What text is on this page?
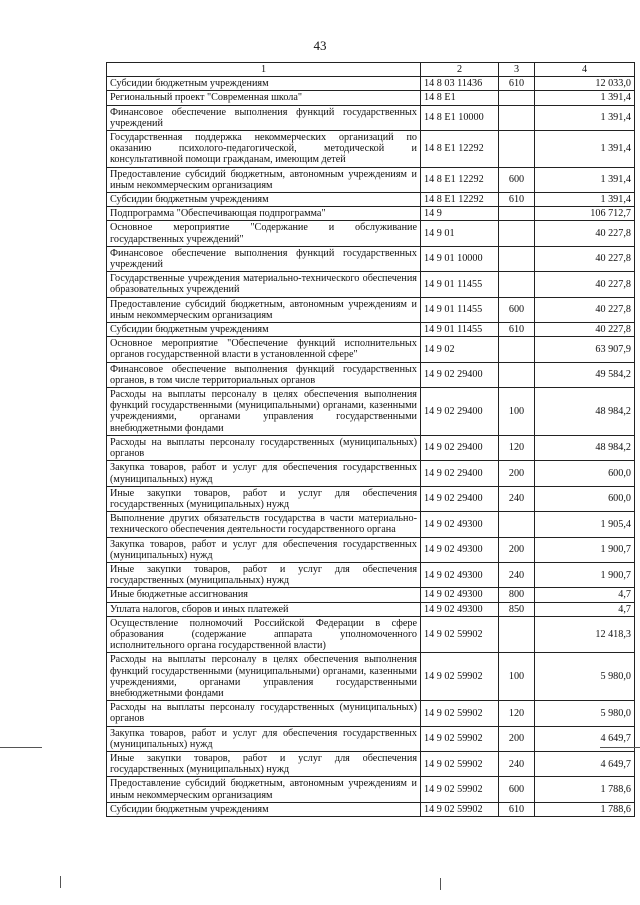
43
1	2	3	4
Субсидии бюджетным учреждениям	14 8 03 11436	610	12 033,0
Региональный проект "Современная школа"	14 8 E1		1 391,4
Финансовое обеспечение выполнения функций государственных учреждений	14 8 E1 10000		1 391,4
Государственная поддержка некоммерческих организаций по оказанию психолого-педагогической, методической и консультативной помощи гражданам, имеющим детей	14 8 E1 12292		1 391,4
Предоставление субсидий бюджетным, автономным учреждениям и иным некоммерческим организациям	14 8 E1 12292	600	1 391,4
Субсидии бюджетным учреждениям	14 8 E1 12292	610	1 391,4
Подпрограмма "Обеспечивающая подпрограмма"	14 9		106 712,7
Основное мероприятие "Содержание и обслуживание государственных учреждений"	14 9 01		40 227,8
Финансовое обеспечение выполнения функций государственных учреждений	14 9 01 10000		40 227,8
Государственные учреждения материально-технического обеспечения образовательных учреждений	14 9 01 11455		40 227,8
Предоставление субсидий бюджетным, автономным учреждениям и иным некоммерческим организациям	14 9 01 11455	600	40 227,8
Субсидии бюджетным учреждениям	14 9 01 11455	610	40 227,8
Основное мероприятие "Обеспечение функций исполнительных органов государственной власти в установленной сфере"	14 9 02		63 907,9
Финансовое обеспечение выполнения функций государственных органов, в том числе территориальных органов	14 9 02 29400		49 584,2
Расходы на выплаты персоналу в целях обеспечения выполнения функций государственными (муниципальными) органами, казенными учреждениями, органами управления государственными внебюджетными фондами	14 9 02 29400	100	48 984,2
Расходы на выплаты персоналу государственных (муниципальных) органов	14 9 02 29400	120	48 984,2
Закупка товаров, работ и услуг для обеспечения государственных (муниципальных) нужд	14 9 02 29400	200	600,0
Иные закупки товаров, работ и услуг для обеспечения государственных (муниципальных) нужд	14 9 02 29400	240	600,0
Выполнение других обязательств государства в части материально-технического обеспечения деятельности государственного органа	14 9 02 49300		1 905,4
Закупка товаров, работ и услуг для обеспечения государственных (муниципальных) нужд	14 9 02 49300	200	1 900,7
Иные закупки товаров, работ и услуг для обеспечения государственных (муниципальных) нужд	14 9 02 49300	240	1 900,7
Иные бюджетные ассигнования	14 9 02 49300	800	4,7
Уплата налогов, сборов и иных платежей	14 9 02 49300	850	4,7
Осуществление полномочий Российской Федерации в сфере образования (содержание аппарата уполномоченного исполнительного органа государственной власти)	14 9 02 59902		12 418,3
Расходы на выплаты персоналу в целях обеспечения выполнения функций государственными (муниципальными) органами, казенными учреждениями, органами управления государственными внебюджетными фондами	14 9 02 59902	100	5 980,0
Расходы на выплаты персоналу государственных (муниципальных) органов	14 9 02 59902	120	5 980,0
Закупка товаров, работ и услуг для обеспечения государственных (муниципальных) нужд	14 9 02 59902	200	4 649,7
Иные закупки товаров, работ и услуг для обеспечения государственных (муниципальных) нужд	14 9 02 59902	240	4 649,7
Предоставление субсидий бюджетным, автономным учреждениям и иным некоммерческим организациям	14 9 02 59902	600	1 788,6
Субсидии бюджетным учреждениям	14 9 02 59902	610	1 788,6
